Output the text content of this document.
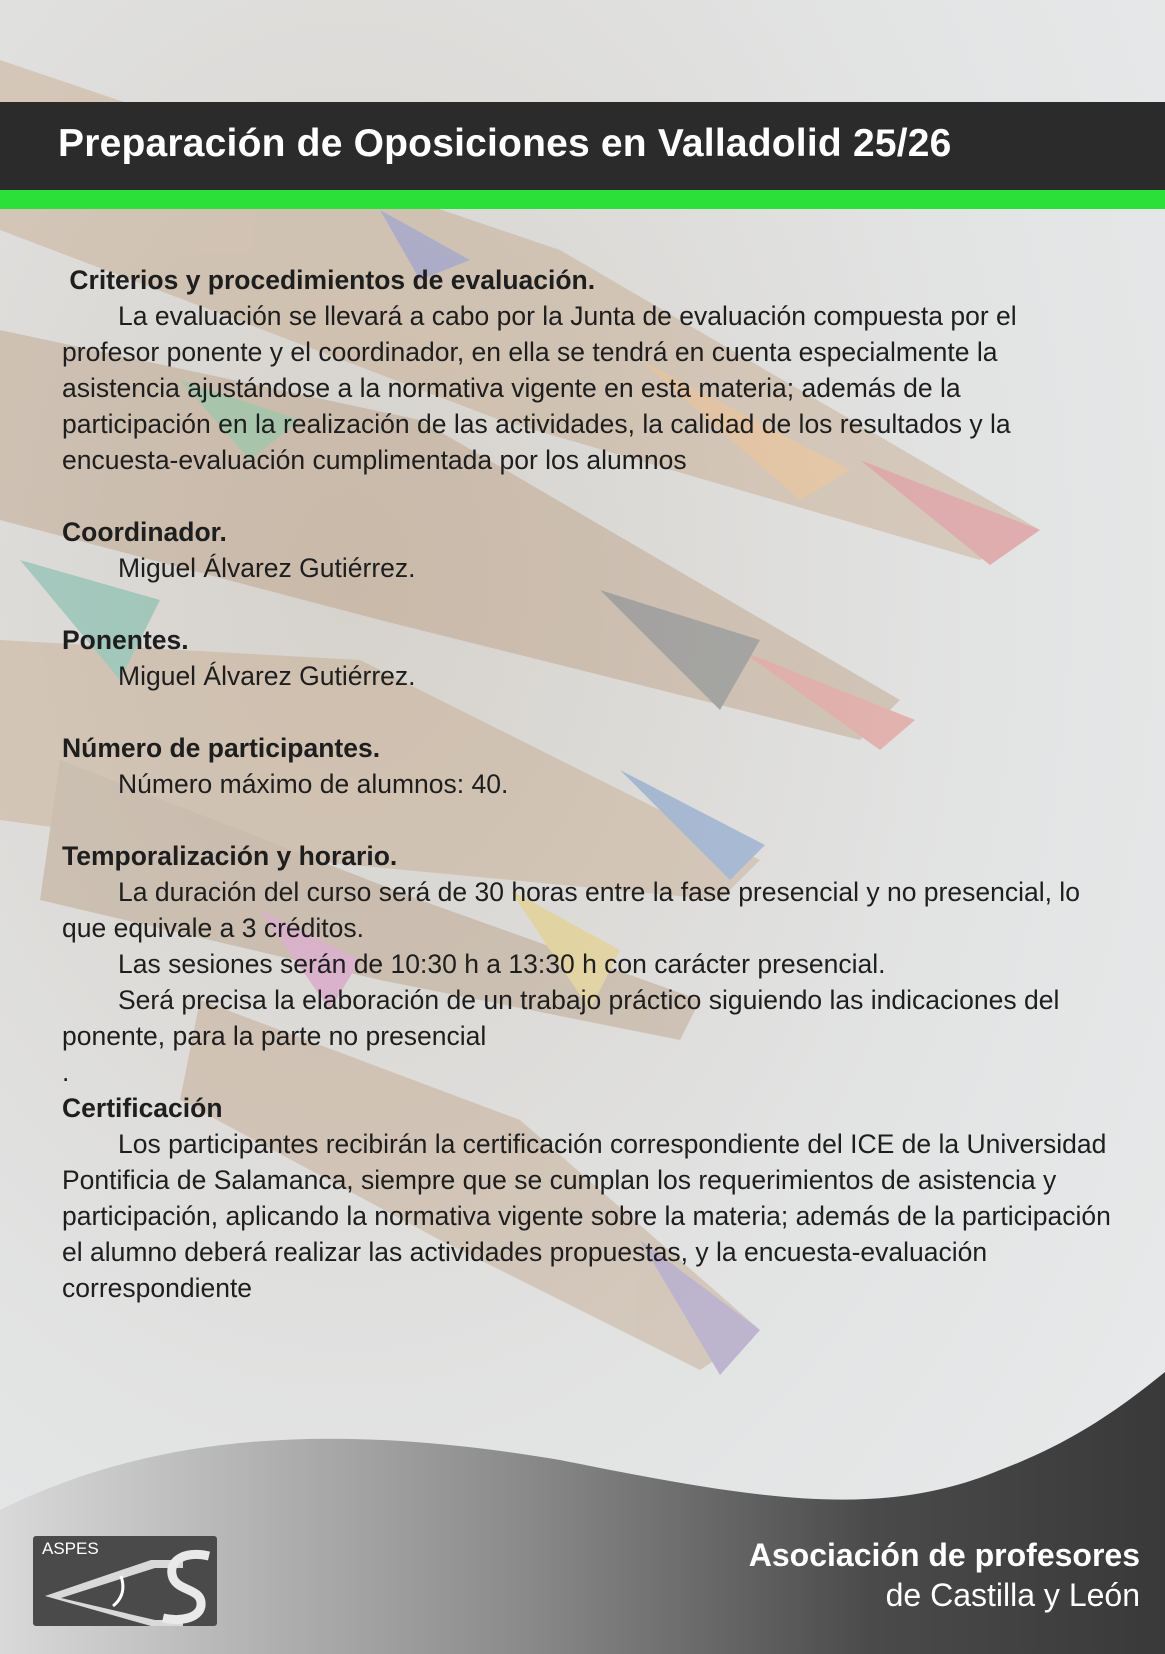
Preparación de Oposiciones en Valladolid 25/26

Criterios y procedimientos de evaluación.

La evaluación se llevará a cabo por la Junta de evaluación compuesta por el profesor ponente y el coordinador, en ella se tendrá en cuenta especialmente la asistencia ajustándose a la normativa vigente en esta materia; además de la participación en la realización de las actividades, la calidad de los resultados y la encuesta-evaluación cumplimentada por los alumnos

Coordinador.

Miguel Álvarez Gutiérrez.

Ponentes.

Miguel Álvarez Gutiérrez.

Número de participantes.

Número máximo de alumnos: 40.

Temporalización y horario.

La duración del curso será de 30 horas entre la fase presencial y no presencial, lo que equivale a 3 créditos.

Las sesiones serán de 10:30 h a 13:30 h con carácter presencial.

Será precisa la elaboración de un trabajo práctico siguiendo las indicaciones del ponente, para la parte no presencial

.

Certificación

Los participantes recibirán la certificación correspondiente del ICE de la Universidad Pontificia de Salamanca, siempre que se cumplan los requerimientos de asistencia y participación, aplicando la normativa vigente sobre la materia; además de la participación el alumno deberá realizar las actividades propuestas, y la encuesta-evaluación correspondiente

ASPES	Asociación de profesores
de Castilla y León
